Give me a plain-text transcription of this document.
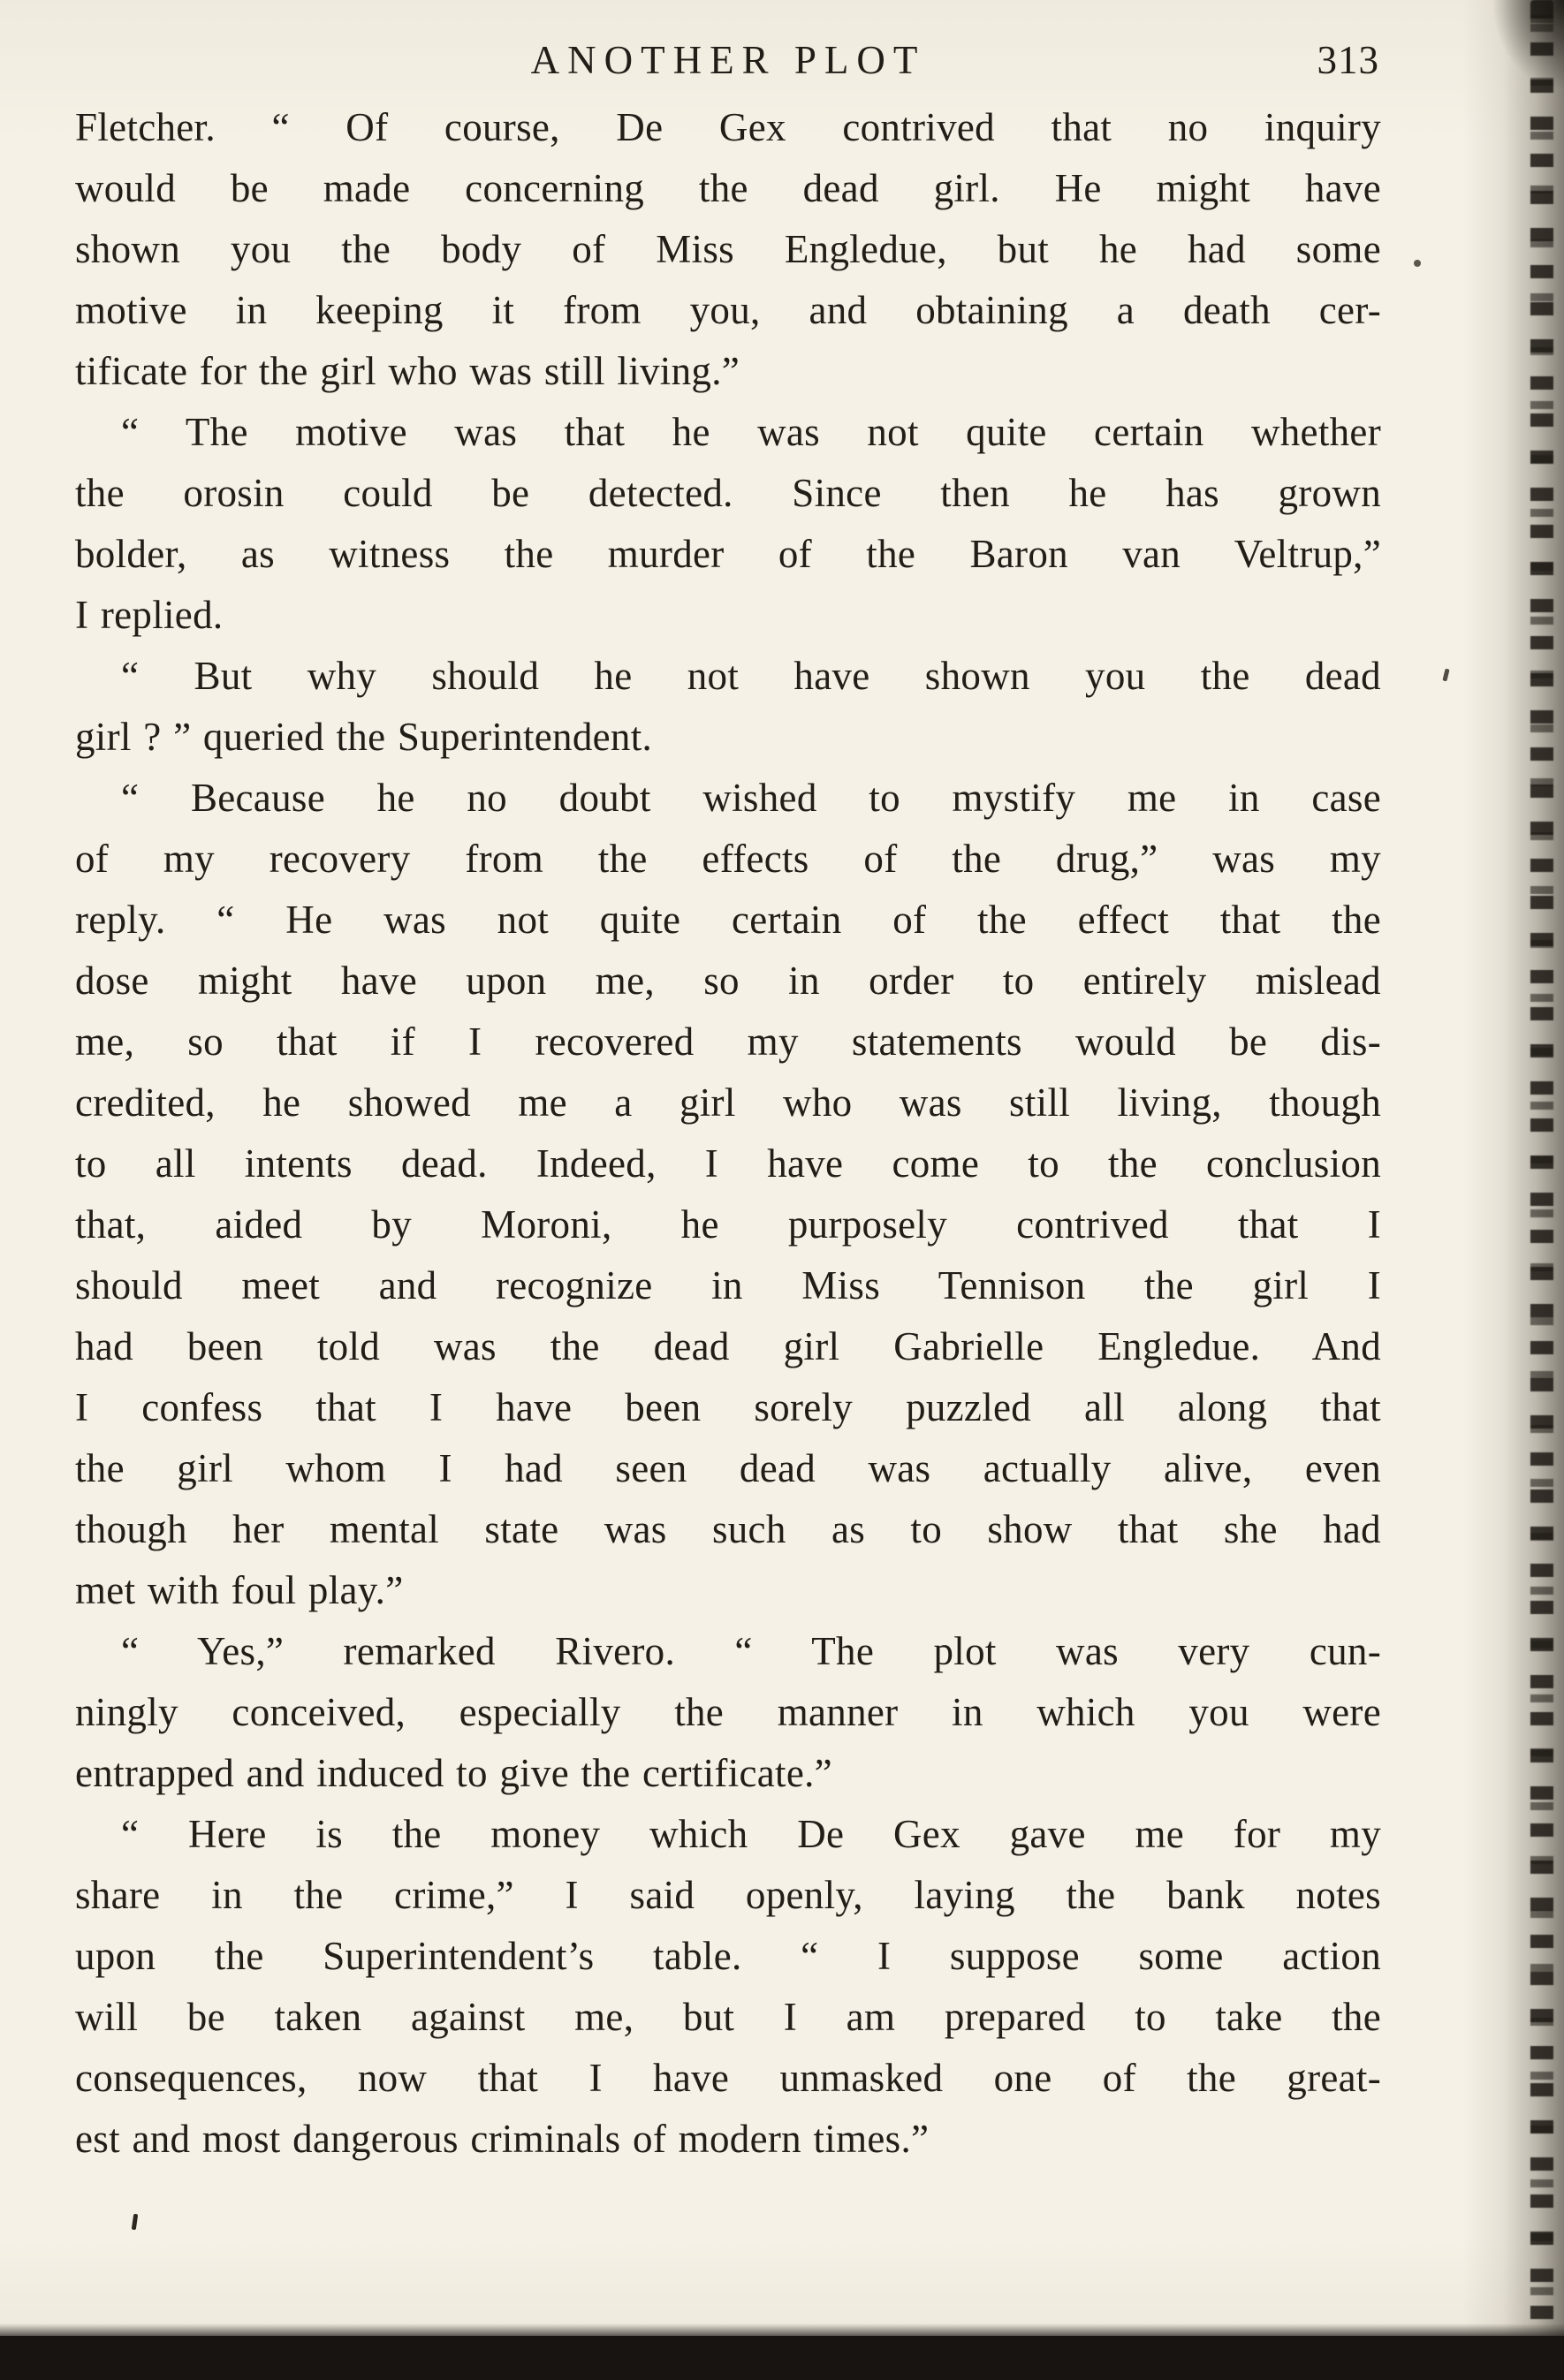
ANOTHER PLOT	313

Fletcher. “ Of course, De Gex contrived that no inquiry
would be made concerning the dead girl. He might have
shown you the body of Miss Engledue, but he had some
motive in keeping it from you, and obtaining a death cer-
tificate for the girl who was still living.”

“ The motive was that he was not quite certain whether
the orosin could be detected. Since then he has grown
bolder, as witness the murder of the Baron van Veltrup,”
I replied.

“ But why should he not have shown you the dead
girl ? ” queried the Superintendent.

“ Because he no doubt wished to mystify me in case
of my recovery from the effects of the drug,” was my
reply. “ He was not quite certain of the effect that the
dose might have upon me, so in order to entirely mislead
me, so that if I recovered my statements would be dis-
credited, he showed me a girl who was still living, though
to all intents dead. Indeed, I have come to the conclusion
that, aided by Moroni, he purposely contrived that I
should meet and recognize in Miss Tennison the girl I
had been told was the dead girl Gabrielle Engledue. And
I confess that I have been sorely puzzled all along that
the girl whom I had seen dead was actually alive, even
though her mental state was such as to show that she had
met with foul play.”

“ Yes,” remarked Rivero. “ The plot was very cun-
ningly conceived, especially the manner in which you were
entrapped and induced to give the certificate.”

“ Here is the money which De Gex gave me for my
share in the crime,” I said openly, laying the bank notes
upon the Superintendent’s table. “ I suppose some action
will be taken against me, but I am prepared to take the
consequences, now that I have unmasked one of the great-
est and most dangerous criminals of modern times.”
